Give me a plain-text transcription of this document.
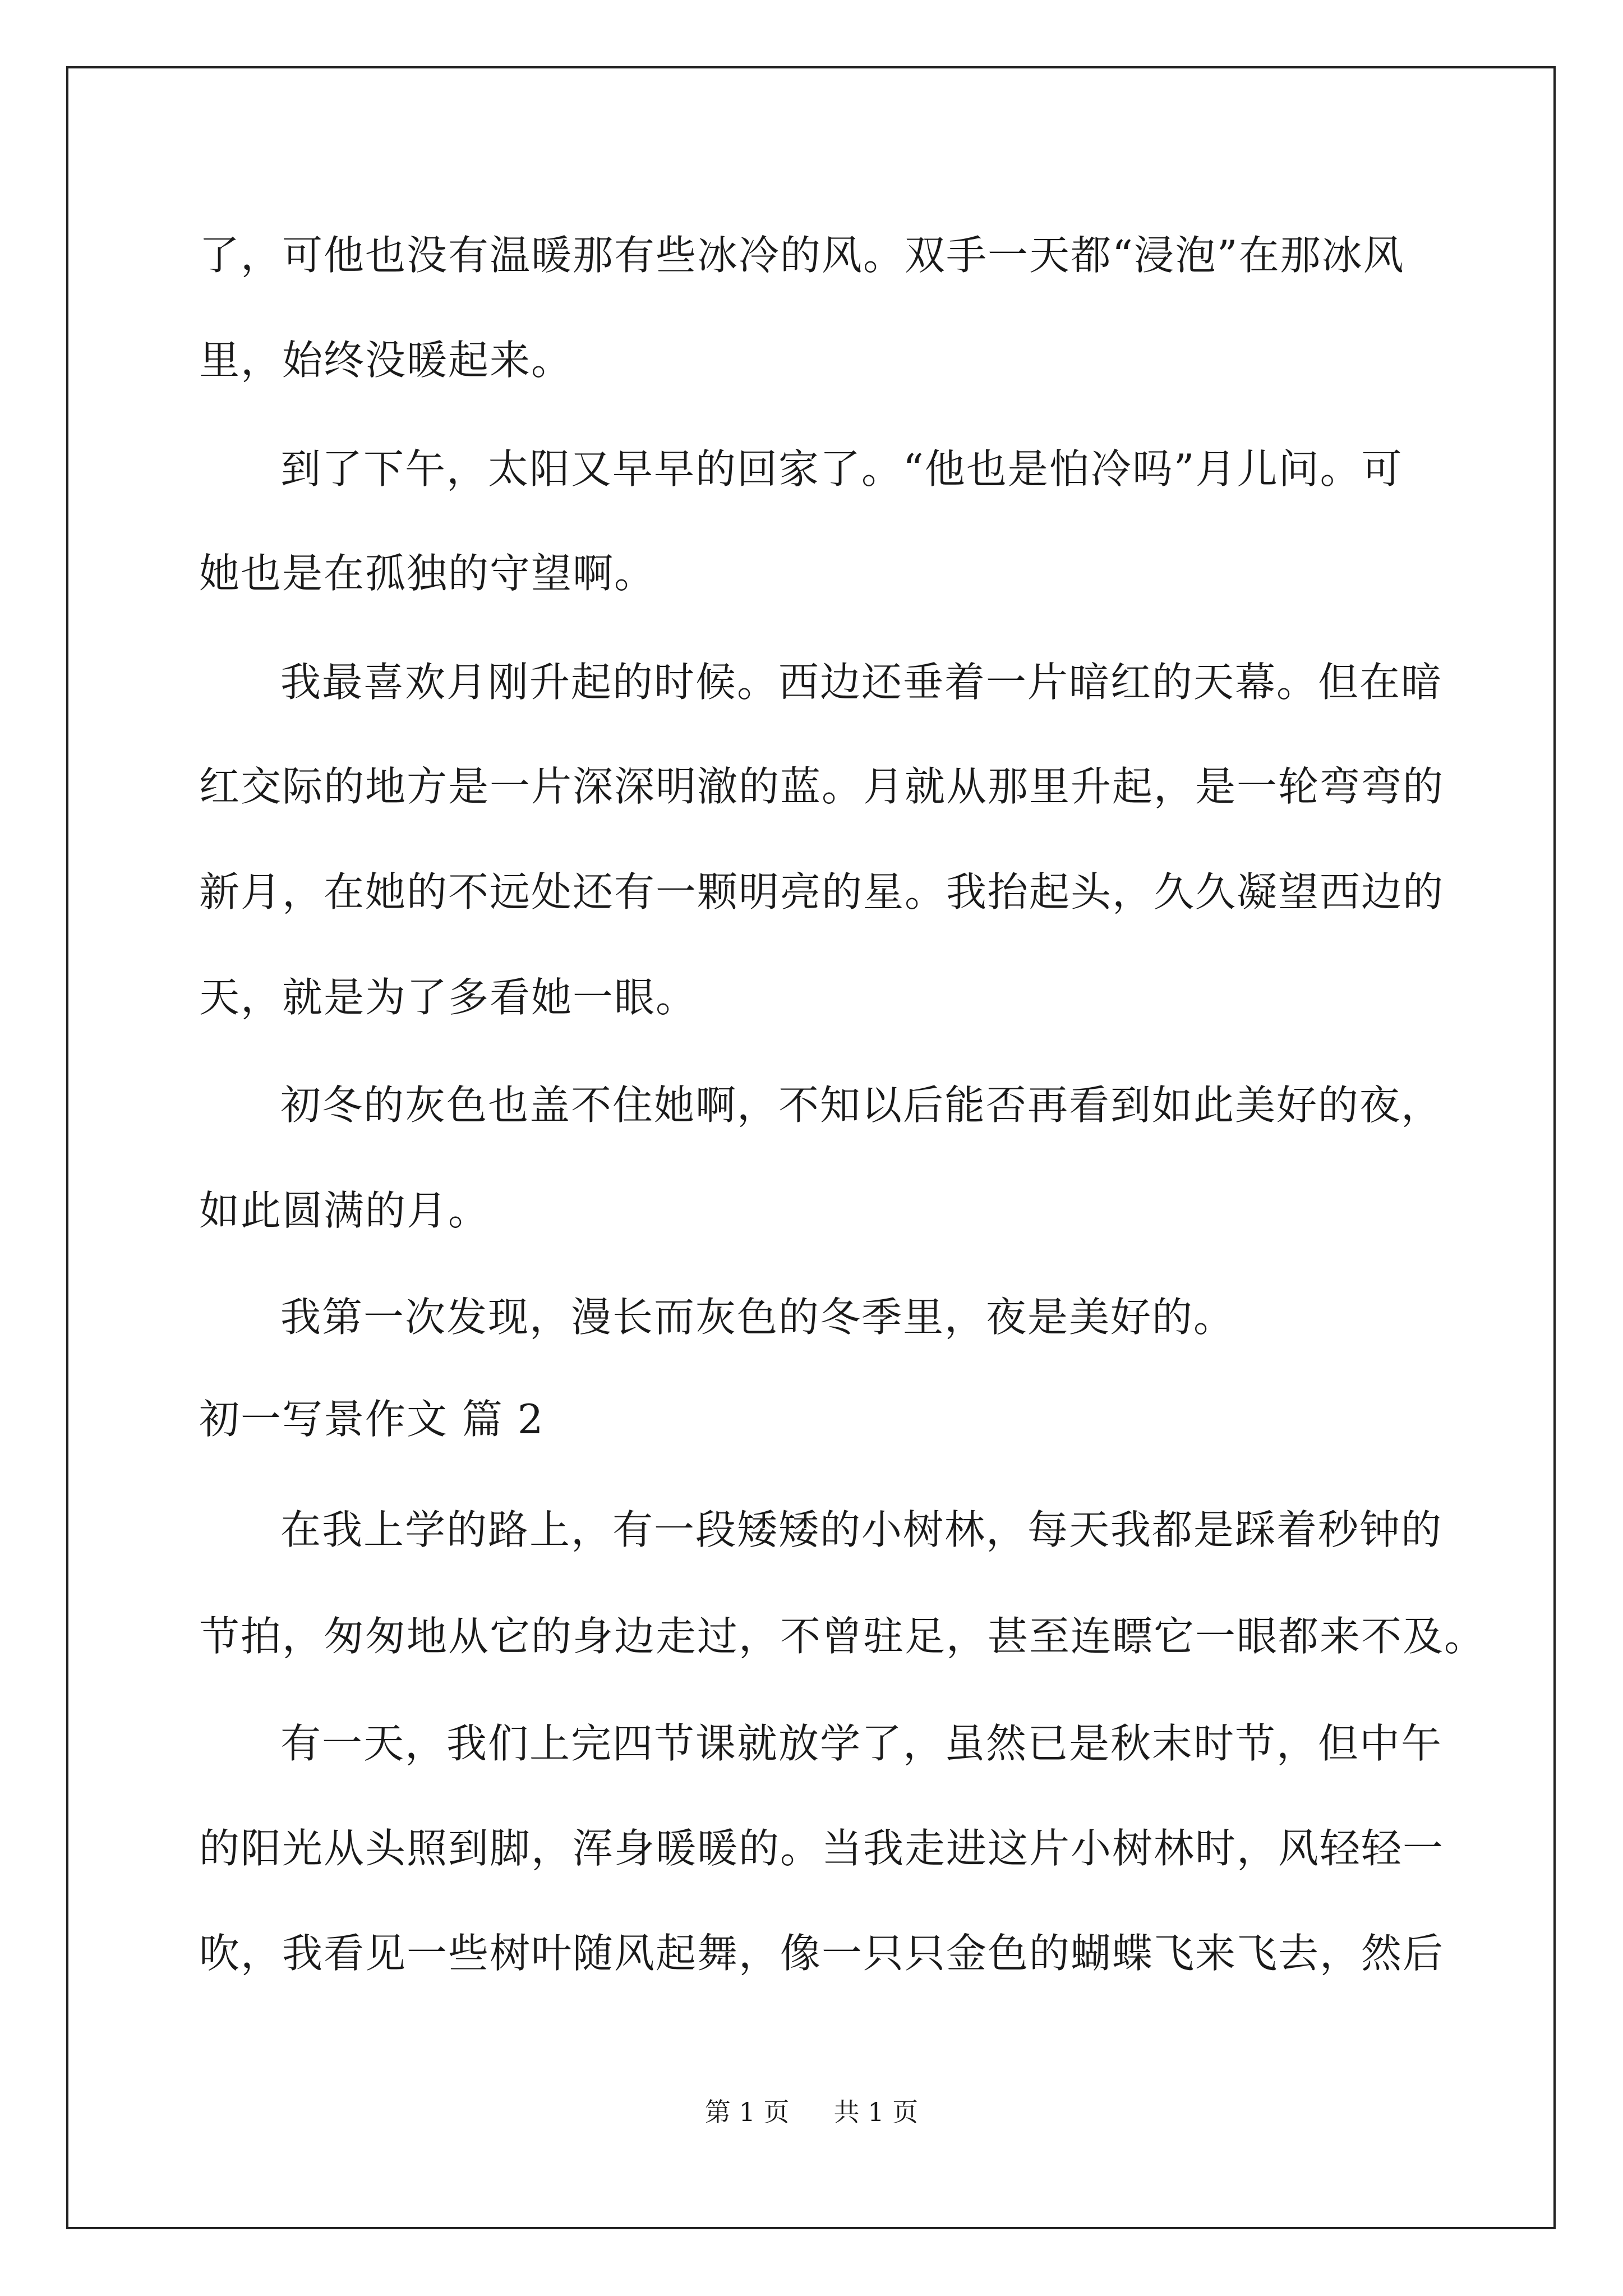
了，可他也没有温暖那有些冰冷的风。双手一天都“浸泡”在那冰风
里，始终没暖起来。
到了下午，太阳又早早的回家了。“他也是怕冷吗”月儿问。可
她也是在孤独的守望啊。
我最喜欢月刚升起的时候。西边还垂着一片暗红的天幕。但在暗
红交际的地方是一片深深明澈的蓝。月就从那里升起，是一轮弯弯的
新月，在她的不远处还有一颗明亮的星。我抬起头，久久凝望西边的
天，就是为了多看她一眼。
初冬的灰色也盖不住她啊，不知以后能否再看到如此美好的夜，
如此圆满的月。
我第一次发现，漫长而灰色的冬季里，夜是美好的。
初一写景作文 篇 2
在我上学的路上，有一段矮矮的小树林，每天我都是踩着秒钟的
节拍，匆匆地从它的身边走过，不曾驻足，甚至连瞟它一眼都来不及。
有一天，我们上完四节课就放学了，虽然已是秋末时节，但中午
的阳光从头照到脚，浑身暖暖的。当我走进这片小树林时，风轻轻一
吹，我看见一些树叶随风起舞，像一只只金色的蝴蝶飞来飞去，然后
第 1 页 共 1 页
